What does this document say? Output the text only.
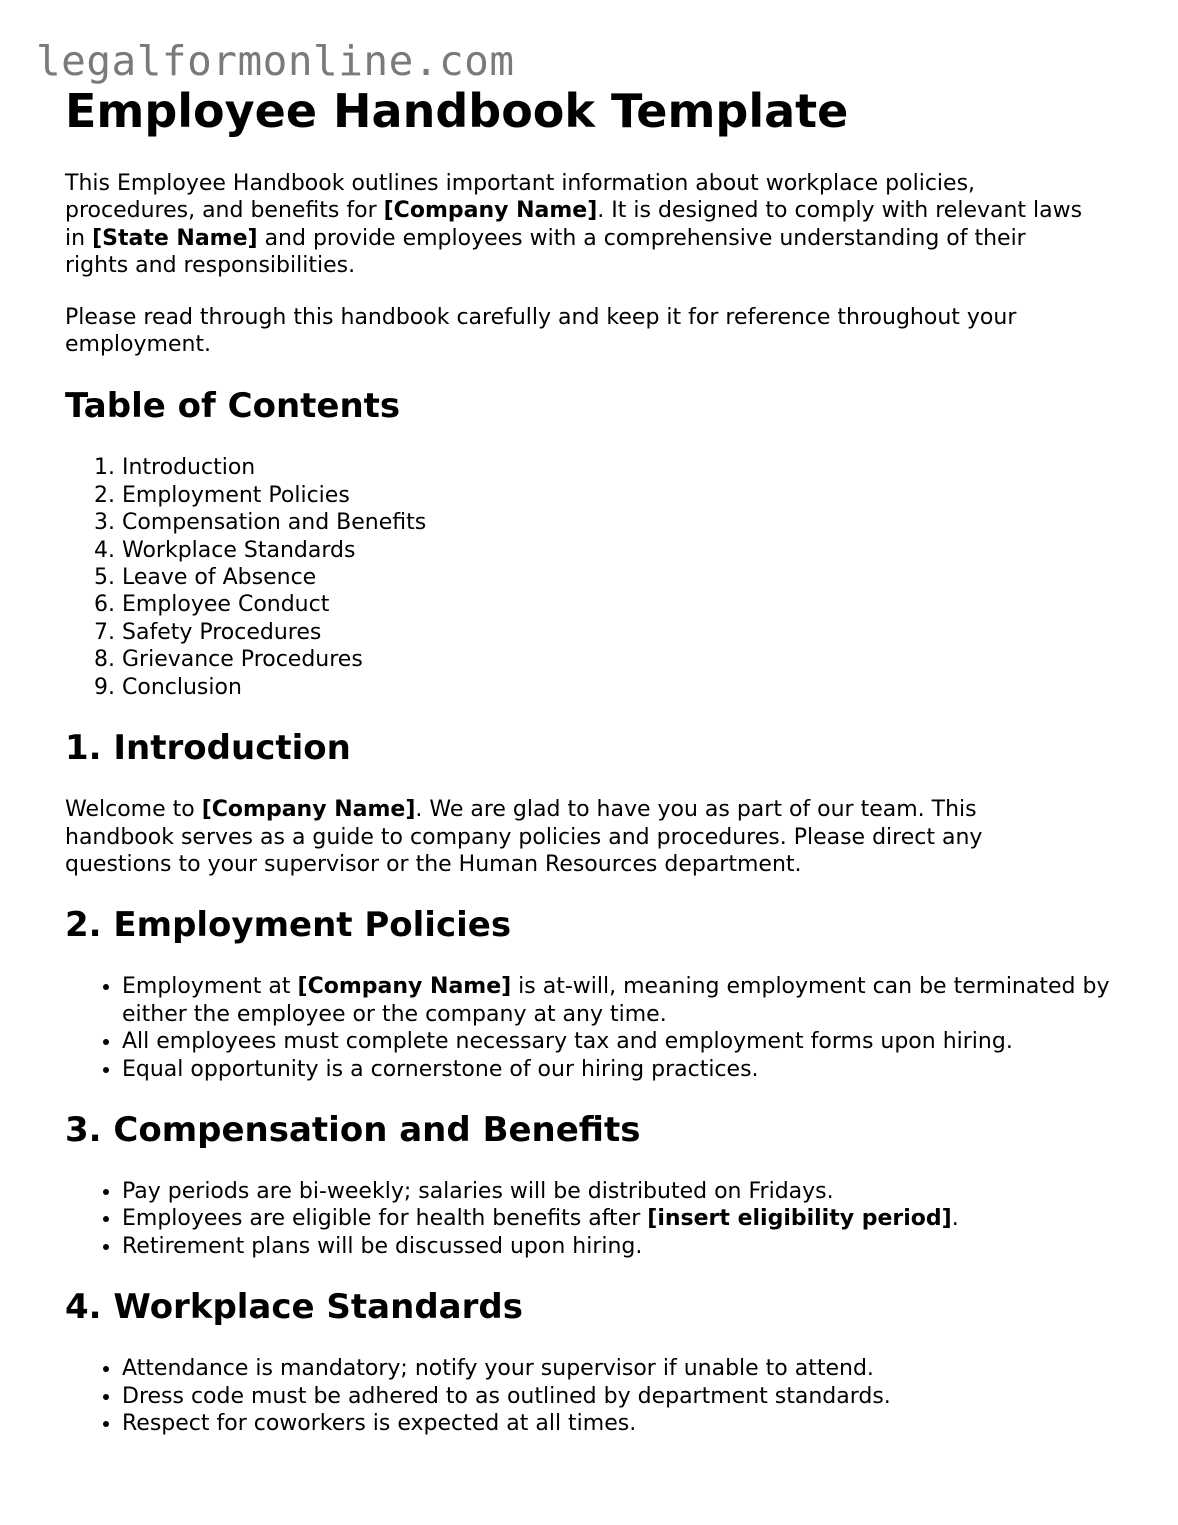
legalformonline.com
Employee Handbook Template

This Employee Handbook outlines important information about workplace policies, procedures, and benefits for [Company Name]. It is designed to comply with relevant laws in [State Name] and provide employees with a comprehensive understanding of their rights and responsibilities.

Please read through this handbook carefully and keep it for reference throughout your employment.

Table of Contents
1. Introduction
2. Employment Policies
3. Compensation and Benefits
4. Workplace Standards
5. Leave of Absence
6. Employee Conduct
7. Safety Procedures
8. Grievance Procedures
9. Conclusion
1. Introduction

Welcome to [Company Name]. We are glad to have you as part of our team. This handbook serves as a guide to company policies and procedures. Please direct any questions to your supervisor or the Human Resources department.

2. Employment Policies
• Employment at [Company Name] is at-will, meaning employment can be terminated by either the employee or the company at any time.
• All employees must complete necessary tax and employment forms upon hiring.
• Equal opportunity is a cornerstone of our hiring practices.
3. Compensation and Benefits
• Pay periods are bi-weekly; salaries will be distributed on Fridays.
• Employees are eligible for health benefits after [insert eligibility period].
• Retirement plans will be discussed upon hiring.
4. Workplace Standards
• Attendance is mandatory; notify your supervisor if unable to attend.
• Dress code must be adhered to as outlined by department standards.
• Respect for coworkers is expected at all times.
